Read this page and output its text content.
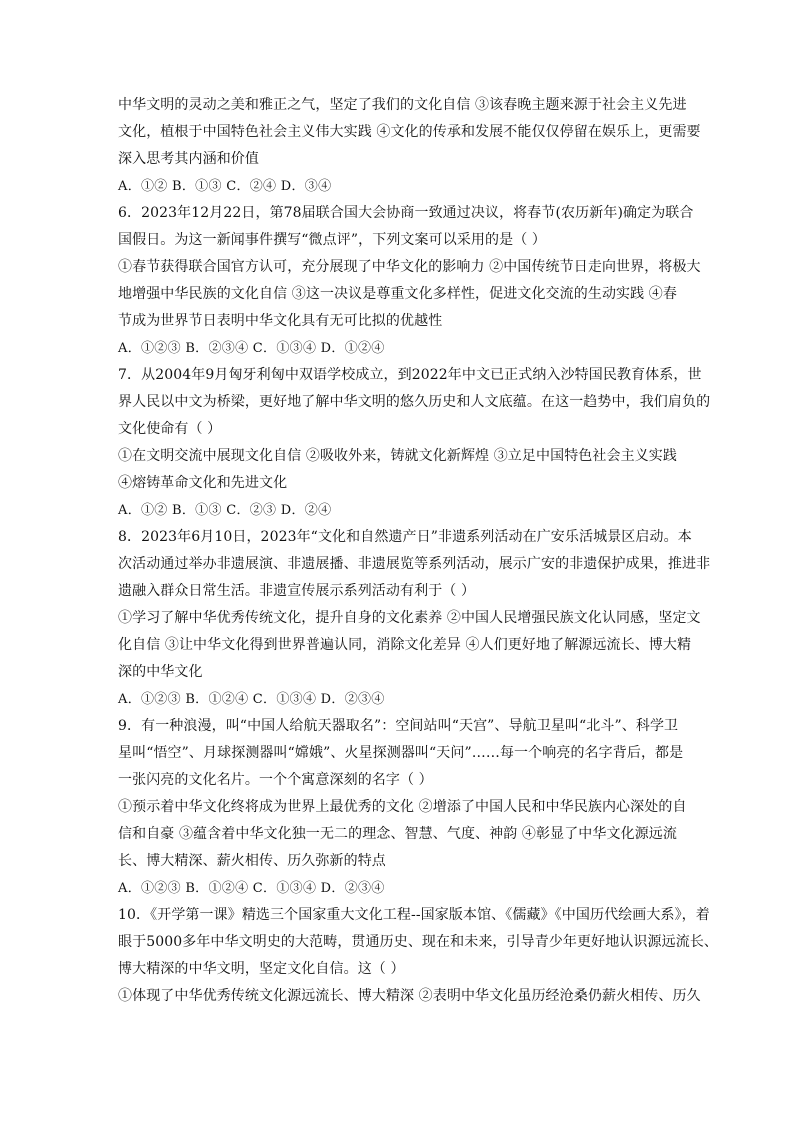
中华文明的灵动之美和雅正之气，坚定了我们的文化自信 ③该春晚主题来源于社会主义先进
文化，植根于中国特色社会主义伟大实践 ④文化的传承和发展不能仅仅停留在娱乐上，更需要
深入思考其内涵和价值
A．①② B．①③ C．②④ D．③④
6．2023年12月22日，第78届联合国大会协商一致通过决议，将春节(农历新年)确定为联合
国假日。为这一新闻事件撰写“微点评”，下列文案可以采用的是（ ）
①春节获得联合国官方认可，充分展现了中华文化的影响力 ②中国传统节日走向世界，将极大
地增强中华民族的文化自信 ③这一决议是尊重文化多样性，促进文化交流的生动实践 ④春
节成为世界节日表明中华文化具有无可比拟的优越性
A．①②③ B．②③④ C．①③④ D．①②④
7．从2004年9月匈牙利匈中双语学校成立，到2022年中文已正式纳入沙特国民教育体系，世
界人民以中文为桥梁，更好地了解中华文明的悠久历史和人文底蕴。在这一趋势中，我们肩负的
文化使命有（ ）
①在文明交流中展现文化自信 ②吸收外来，铸就文化新辉煌 ③立足中国特色社会主义实践
④熔铸革命文化和先进文化
A．①② B．①③ C．②③ D．②④
8．2023年6月10日，2023年“文化和自然遗产日”非遗系列活动在广安乐活城景区启动。本
次活动通过举办非遗展演、非遗展播、非遗展览等系列活动，展示广安的非遗保护成果，推进非
遗融入群众日常生活。非遗宣传展示系列活动有利于（ ）
①学习了解中华优秀传统文化，提升自身的文化素养 ②中国人民增强民族文化认同感，坚定文
化自信 ③让中华文化得到世界普遍认同，消除文化差异 ④人们更好地了解源远流长、博大精
深的中华文化
A．①②③ B．①②④ C．①③④ D．②③④
9．有一种浪漫，叫“中国人给航天器取名”：空间站叫“天宫”、导航卫星叫“北斗”、科学卫
星叫“悟空”、月球探测器叫“嫦娥”、火星探测器叫“天问”……每一个响亮的名字背后，都是
一张闪亮的文化名片。一个个寓意深刻的名字（ ）
①预示着中华文化终将成为世界上最优秀的文化 ②增添了中国人民和中华民族内心深处的自
信和自豪 ③蕴含着中华文化独一无二的理念、智慧、气度、神韵 ④彰显了中华文化源远流
长、博大精深、薪火相传、历久弥新的特点
A．①②③ B．①②④ C．①③④ D．②③④
10．《开学第一课》精选三个国家重大文化工程--国家版本馆、《儒藏》《中国历代绘画大系》，着
眼于5000多年中华文明史的大范畴，贯通历史、现在和未来，引导青少年更好地认识源远流长、
博大精深的中华文明，坚定文化自信。这（ ）
①体现了中华优秀传统文化源远流长、博大精深 ②表明中华文化虽历经沧桑仍薪火相传、历久
